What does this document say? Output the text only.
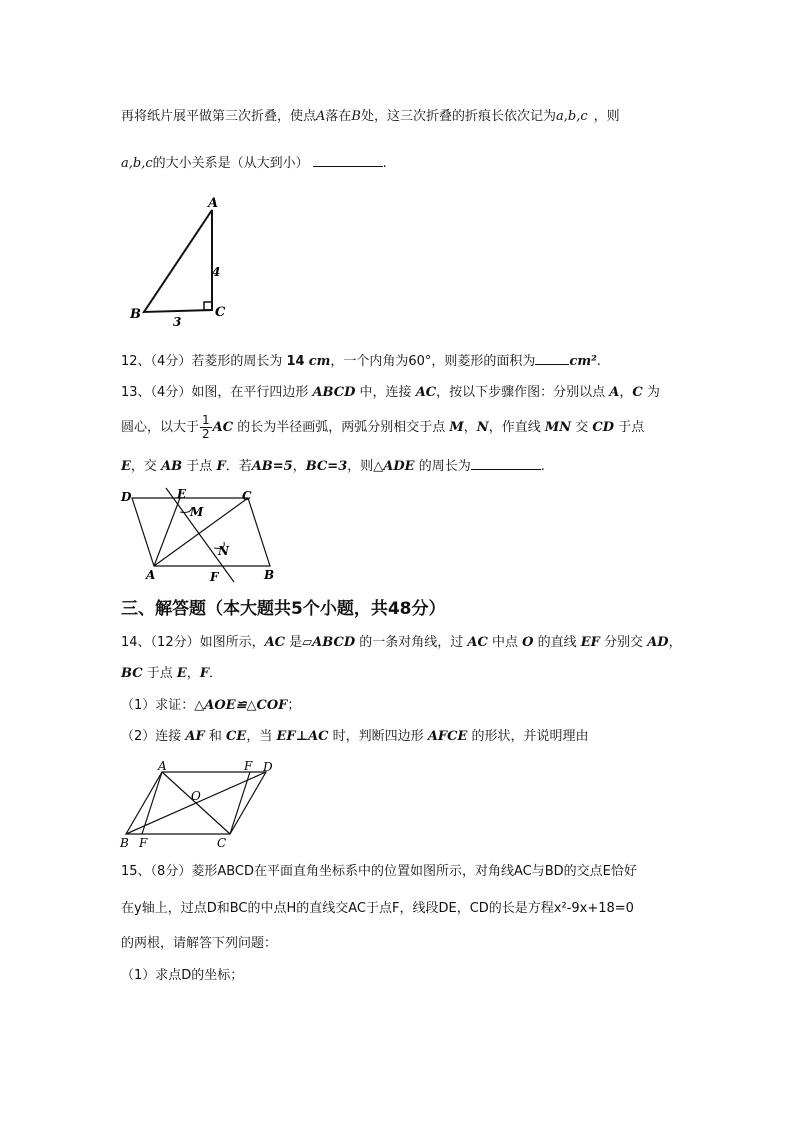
再将纸片展平做第三次折叠，使点A落在B处，这三次折叠的折痕长依次记为a,b,c ，则
a,b,c的大小关系是（从大到小）	.
A
B	C
4
3
12、（4分）若菱形的周长为 14 cm，一个内角为60°，则菱形的面积为	cm².
13、（4分）如图，在平行四边形 ABCD 中，连接 AC，按以下步骤作图：分别以点 A，C 为
圆心，以大于 $\frac{1}{2}$ AC 的长为半径画弧，两弧分别相交于点 M，N，作直线 MN 交 CD 于点
E，交 AB 于点 F．若AB=5，BC=3，则△ADE 的周长为	.
D	E	C
M
N
A	F	B
三、解答题（本大题共5个小题，共48分）
14、（12分）如图所示，AC 是▱ABCD 的一条对角线，过 AC 中点 O 的直线 EF 分别交 AD，
BC 于点 E，F．
（1）求证：△AOE≌△COF；
（2）连接 AF 和 CE，当 EF⊥AC 时，判断四边形 AFCE 的形状，并说明理由
A	F D
O
B F	C
15、（8分）菱形ABCD在平面直角坐标系中的位置如图所示，对角线AC与BD的交点E恰好
在y轴上，过点D和BC的中点H的直线交AC于点F，线段DE，CD的长是方程x²-9x+18=0
的两根，请解答下列问题：
（1）求点D的坐标；
